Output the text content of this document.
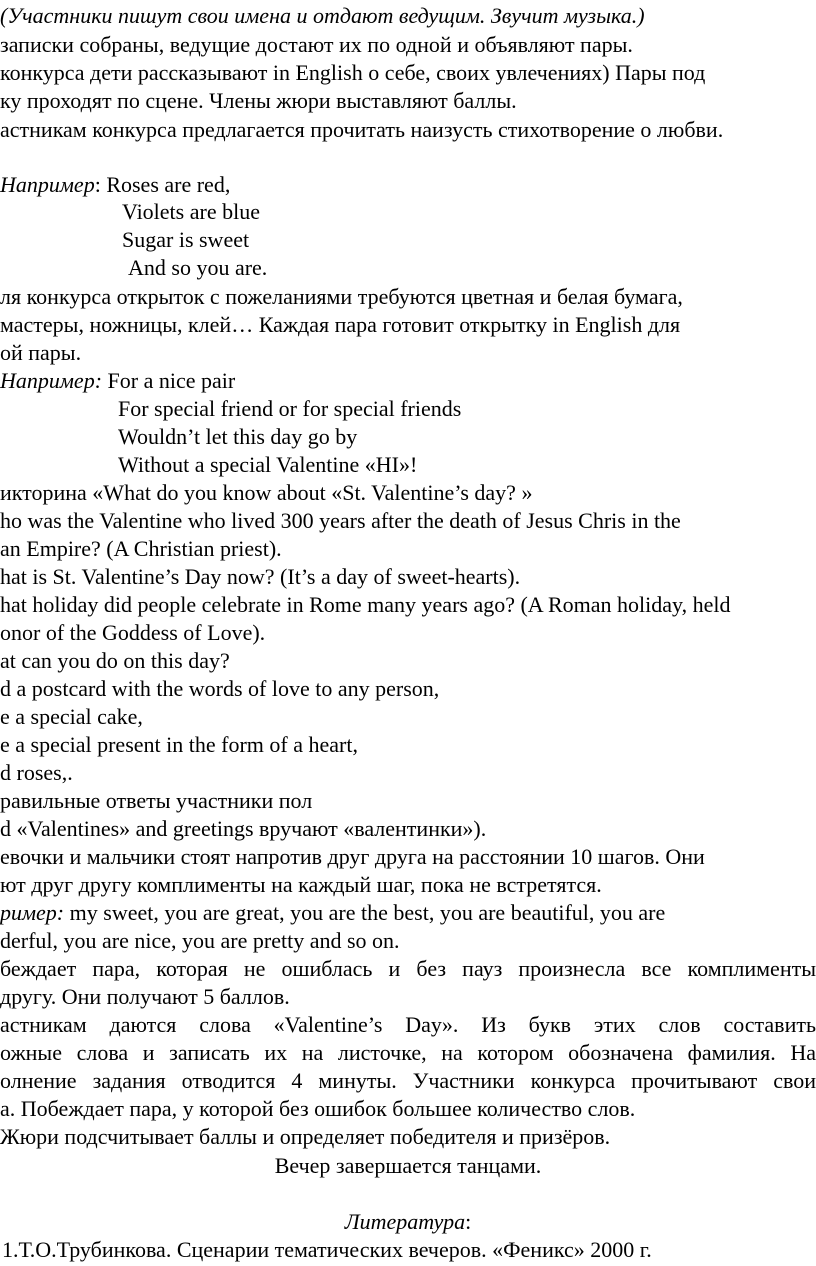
(Участники пишут свои имена и отдают ведущим. Звучит музыка.)
записки собраны, ведущие достают их по одной и объявляют пары.
конкурса дети рассказывают in English о себе, своих увлечениях) Пары под
ку проходят по сцене. Члены жюри выставляют баллы.
астникам конкурса предлагается прочитать наизусть стихотворение о любви.
Например: Roses are red,
Violets are blue
Sugar is sweet
And so you are.
ля конкурса открыток с пожеланиями требуются цветная и белая бумага,
мастеры, ножницы, клей… Каждая пара готовит открытку in English для
ой пары.
Например: For a nice pair
For special friend or for special friends
Wouldn’t let this day go by
Without a special Valentine «HI»!
икторина «What do you know about «St. Valentine’s day? »
ho was the Valentine who lived 300 years after the death of Jesus Chris in the
an Empire? (A Christian priest).
hat is St. Valentine’s Day now? (It’s a day of sweet-hearts).
hat holiday did people celebrate in Rome many years ago? (A Roman holiday, held
onor of the Goddess of Love).
at can you do on this day?
d a postcard with the words of love to any person,
e a special cake,
e a special present in the form of a heart,
d roses,.
равильные ответы участники пол
d «Valentines» and greetings вручают «валентинки»).
евочки и мальчики стоят напротив друг друга на расстоянии 10 шагов. Они
ют друг другу комплименты на каждый шаг, пока не встретятся.
ример: my sweet, you are great, you are the best, you are beautiful, you are
derful, you are nice, you are pretty and so on.
беждает пара, которая не ошиблась и без пауз произнесла все комплименты
другу. Они получают 5 баллов.
астникам даются слова «Valentine’s Day». Из букв этих слов составить
ожные слова и записать их на листочке, на котором обозначена фамилия. На
олнение задания отводится 4 минуты. Участники конкурса прочитывают свои
а. Побеждает пара, у которой без ошибок большее количество слов.
Жюри подсчитывает баллы и определяет победителя и призёров.
Вечер завершается танцами.
Литература:
1.Т.О.Трубинкова. Сценарии тематических вечеров. «Феникс» 2000 г.
